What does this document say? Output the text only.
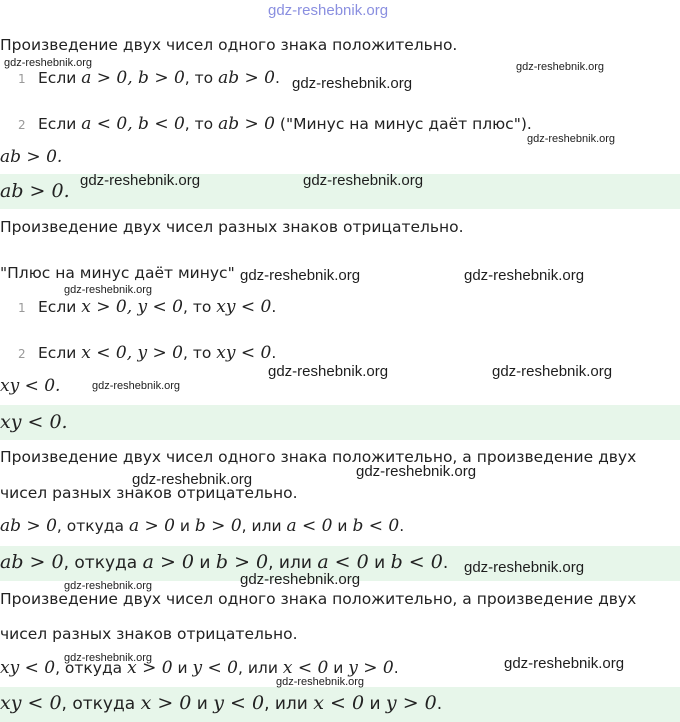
gdz-reshebnik.org
Произведение двух чисел одного знака положительно.
1 Если a > 0, b > 0, то ab > 0.
2 Если a < 0, b < 0, то ab > 0 ("Минус на минус даёт плюс").
ab > 0.
ab > 0.
Произведение двух чисел разных знаков отрицательно.
"Плюс на минус даёт минус"
1 Если x > 0, y < 0, то xy < 0.
2 Если x < 0, y > 0, то xy < 0.
xy < 0.
xy < 0.
Произведение двух чисел одного знака положительно, а произведение двух
чисел разных знаков отрицательно.
ab > 0, откуда a > 0 и b > 0, или a < 0 и b < 0.
ab > 0, откуда a > 0 и b > 0, или a < 0 и b < 0.
Произведение двух чисел одного знака положительно, а произведение двух
чисел разных знаков отрицательно.
xy < 0, откуда x > 0 и y < 0, или x < 0 и y > 0.
xy < 0, откуда x > 0 и y < 0, или x < 0 и y > 0.
gdz-reshebnik.org
gdz-reshebnik.org
gdz-reshebnik.org
gdz-reshebnik.org
gdz-reshebnik.org	gdz-reshebnik.org
gdz-reshebnik.org	gdz-reshebnik.org
gdz-reshebnik.org
gdz-reshebnik.org	gdz-reshebnik.org
gdz-reshebnik.org
gdz-reshebnik.org
gdz-reshebnik.org
gdz-reshebnik.org
gdz-reshebnik.org
gdz-reshebnik.org
gdz-reshebnik.org	gdz-reshebnik.org
gdz-reshebnik.org
